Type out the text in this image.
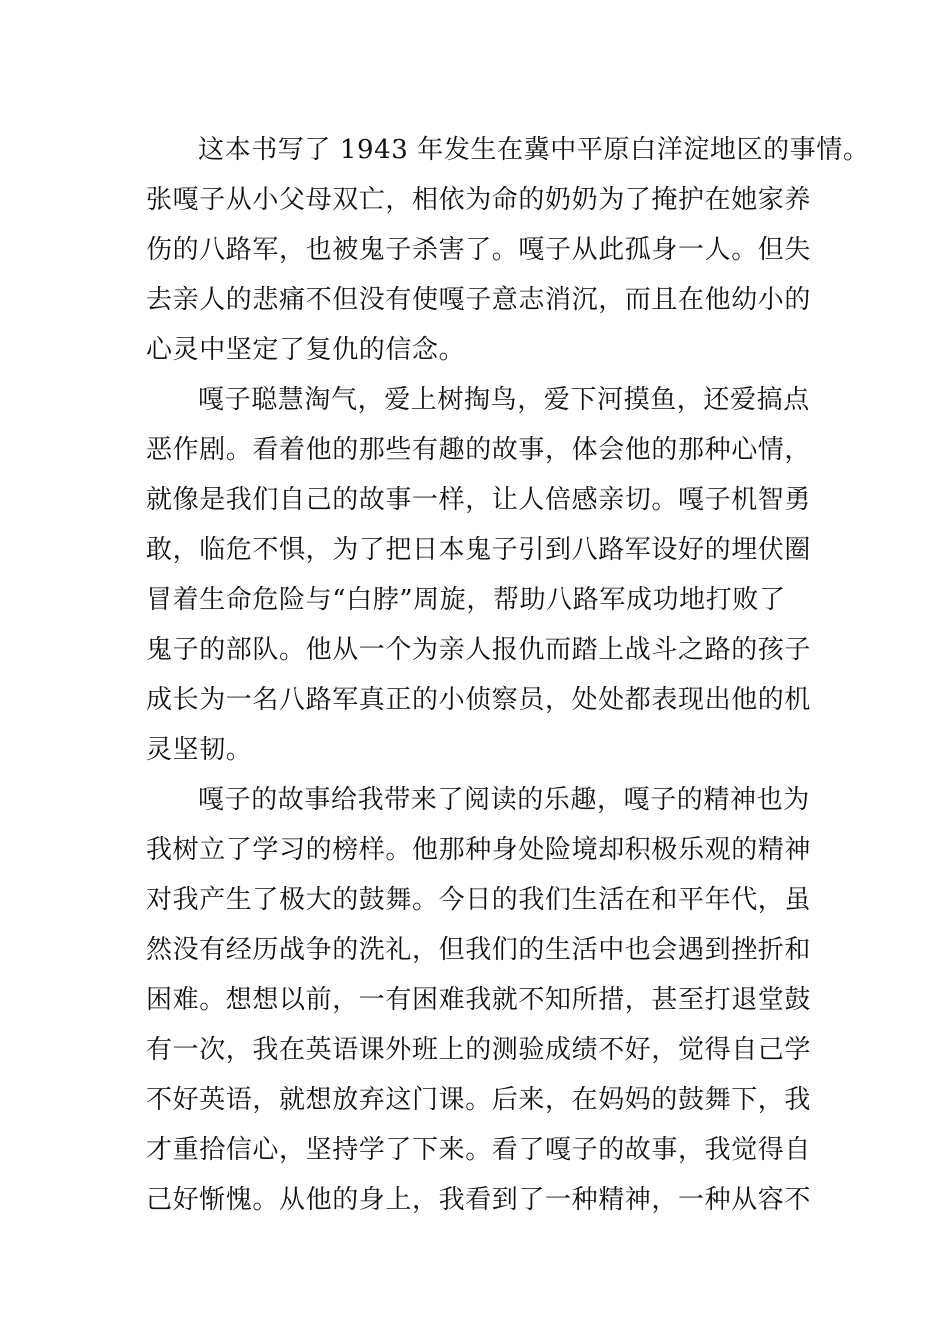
这本书写了 1943 年发生在冀中平原白洋淀地区的事情。
张嘎子从小父母双亡，相依为命的奶奶为了掩护在她家养
伤的八路军，也被鬼子杀害了。嘎子从此孤身一人。但失
去亲人的悲痛不但没有使嘎子意志消沉，而且在他幼小的
心灵中坚定了复仇的信念。
嘎子聪慧淘气，爱上树掏鸟，爱下河摸鱼，还爱搞点
恶作剧。看着他的那些有趣的故事，体会他的那种心情，
就像是我们自己的故事一样，让人倍感亲切。嘎子机智勇
敢，临危不惧，为了把日本鬼子引到八路军设好的埋伏圈
冒着生命危险与“白脖”周旋，帮助八路军成功地打败了
鬼子的部队。他从一个为亲人报仇而踏上战斗之路的孩子
成长为一名八路军真正的小侦察员，处处都表现出他的机
灵坚韧。
嘎子的故事给我带来了阅读的乐趣，嘎子的精神也为
我树立了学习的榜样。他那种身处险境却积极乐观的精神
对我产生了极大的鼓舞。今日的我们生活在和平年代，虽
然没有经历战争的洗礼，但我们的生活中也会遇到挫折和
困难。想想以前，一有困难我就不知所措，甚至打退堂鼓
有一次，我在英语课外班上的测验成绩不好，觉得自己学
不好英语，就想放弃这门课。后来，在妈妈的鼓舞下，我
才重拾信心，坚持学了下来。看了嘎子的故事，我觉得自
己好惭愧。从他的身上，我看到了一种精神，一种从容不
